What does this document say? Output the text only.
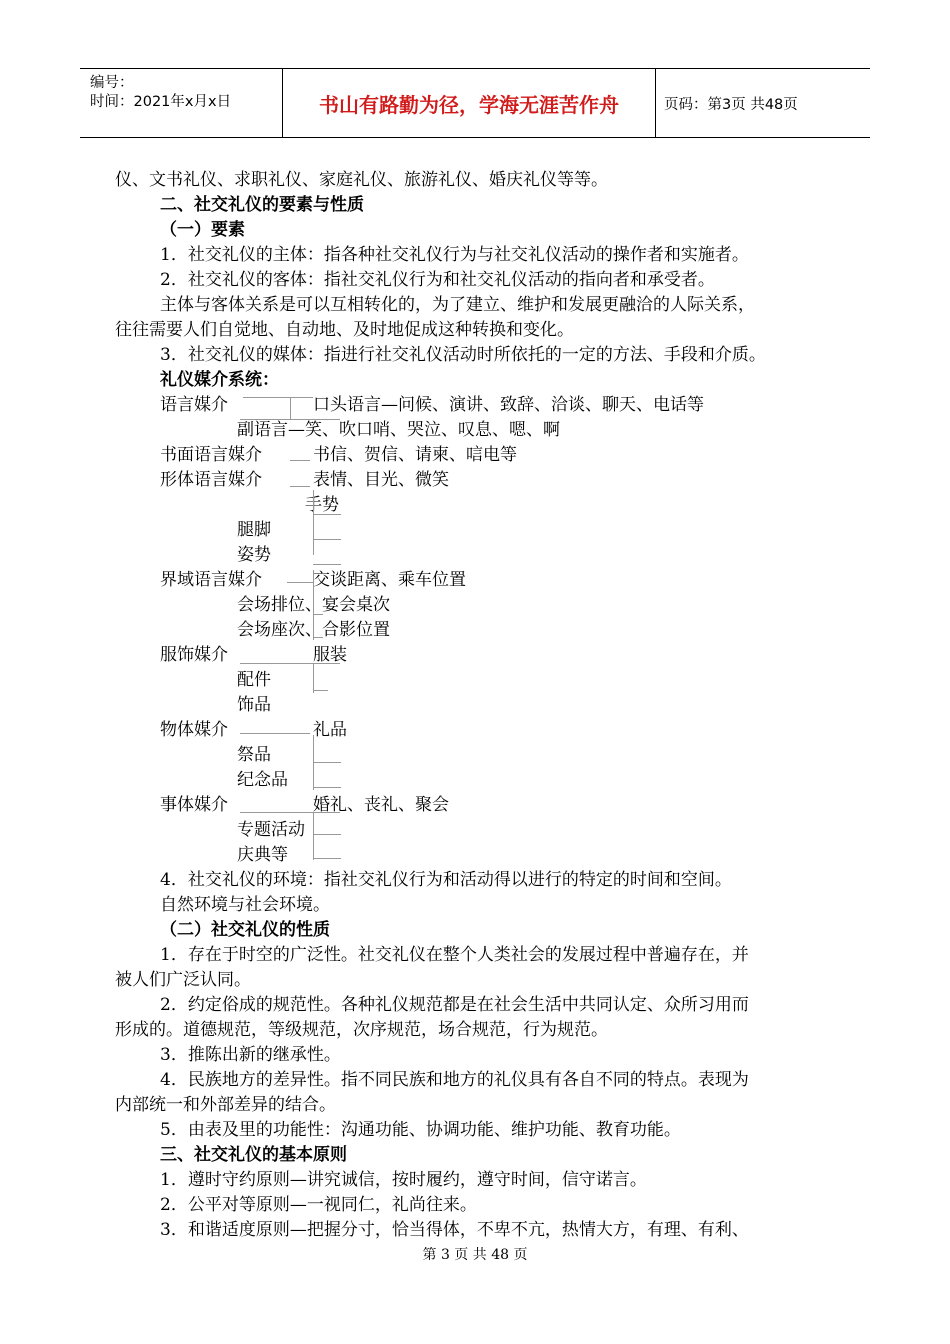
编号：
时间：2021年x月x日	书山有路勤为径，学海无涯苦作舟	页码：第3页 共48页
仪、文书礼仪、求职礼仪、家庭礼仪、旅游礼仪、婚庆礼仪等等。
二、社交礼仪的要素与性质
（一）要素
1．社交礼仪的主体：指各种社交礼仪行为与社交礼仪活动的操作者和实施者。
2．社交礼仪的客体：指社交礼仪行为和社交礼仪活动的指向者和承受者。
主体与客体关系是可以互相转化的，为了建立、维护和发展更融洽的人际关系，
往往需要人们自觉地、自动地、及时地促成这种转换和变化。
3．社交礼仪的媒体：指进行社交礼仪活动时所依托的一定的方法、手段和介质。
礼仪媒介系统：
语言媒介	口头语言—问候、演讲、致辞、洽谈、聊天、电话等
副语言—笑、吹口哨、哭泣、叹息、嗯、啊
书面语言媒介	书信、贺信、请柬、唁电等
形体语言媒介	表情、目光、微笑
手势
腿脚
姿势
界域语言媒介	交谈距离、乘车位置
会场排位、宴会桌次
会场座次、合影位置
服饰媒介	服装
配件
饰品
物体媒介	礼品
祭品
纪念品
事体媒介	婚礼、丧礼、聚会
专题活动
庆典等
4．社交礼仪的环境：指社交礼仪行为和活动得以进行的特定的时间和空间。
自然环境与社会环境。
（二）社交礼仪的性质
1．存在于时空的广泛性。社交礼仪在整个人类社会的发展过程中普遍存在，并
被人们广泛认同。
2．约定俗成的规范性。各种礼仪规范都是在社会生活中共同认定、众所习用而
形成的。道德规范，等级规范，次序规范，场合规范，行为规范。
3．推陈出新的继承性。
4．民族地方的差异性。指不同民族和地方的礼仪具有各自不同的特点。表现为
内部统一和外部差异的结合。
5．由表及里的功能性：沟通功能、协调功能、维护功能、教育功能。
三、社交礼仪的基本原则
1．遵时守约原则—讲究诚信，按时履约，遵守时间，信守诺言。
2．公平对等原则—一视同仁，礼尚往来。
3．和谐适度原则—把握分寸，恰当得体，不卑不亢，热情大方，有理、有利、
第 3 页 共 48 页
